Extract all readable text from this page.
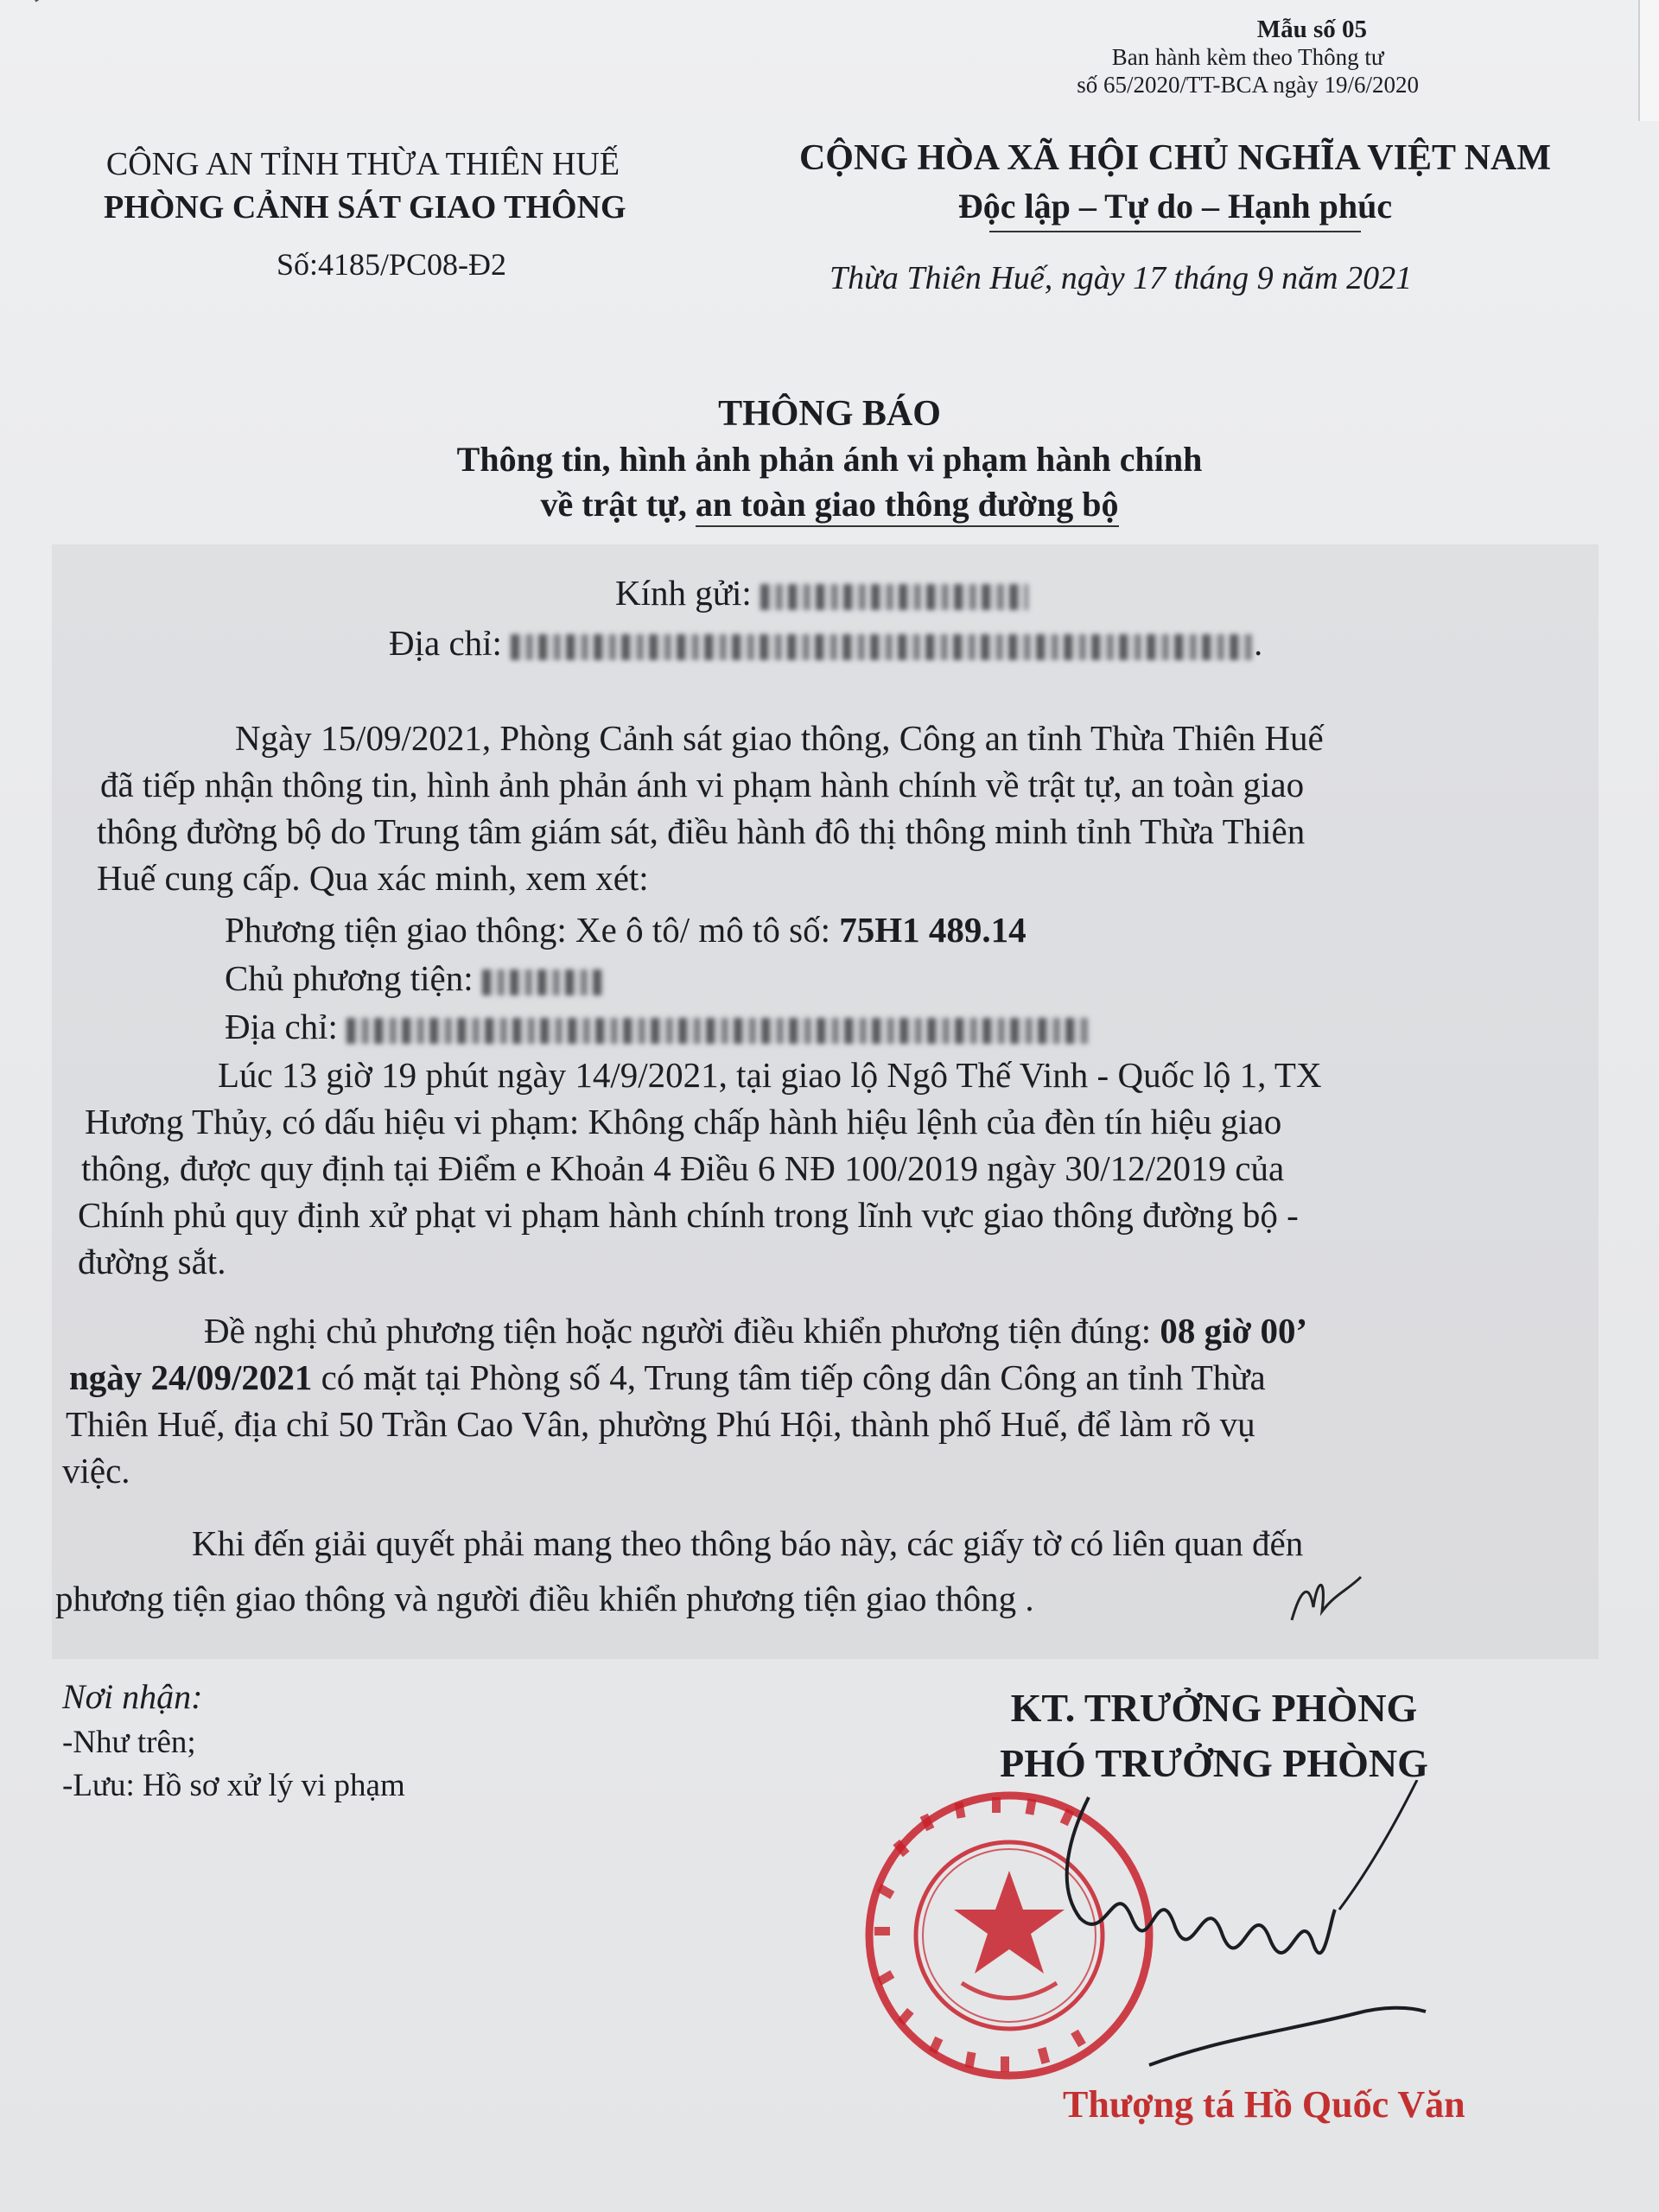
Mẫu số 05
Ban hành kèm theo Thông tư
số 65/2020/TT-BCA ngày 19/6/2020
CÔNG AN TỈNH THỪA THIÊN HUẾ
PHÒNG CẢNH SÁT GIAO THÔNG
Số:4185/PC08-Đ2
CỘNG HÒA XÃ HỘI CHỦ NGHĨA VIỆT NAM
Độc lập – Tự do – Hạnh phúc
Thừa Thiên Huế, ngày 17 tháng 9 năm 2021
THÔNG BÁO
Thông tin, hình ảnh phản ánh vi phạm hành chính
về trật tự, an toàn giao thông đường bộ
Kính gửi:
Địa chỉ:	.
Ngày 15/09/2021, Phòng Cảnh sát giao thông, Công an tỉnh Thừa Thiên Huế
đã tiếp nhận thông tin, hình ảnh phản ánh vi phạm hành chính về trật tự, an toàn giao
thông đường bộ do Trung tâm giám sát, điều hành đô thị thông minh tỉnh Thừa Thiên
Huế cung cấp. Qua xác minh, xem xét:
Phương tiện giao thông: Xe ô tô/ mô tô số: 75H1 489.14
Chủ phương tiện:
Địa chỉ:
Lúc 13 giờ 19 phút ngày 14/9/2021, tại giao lộ Ngô Thế Vinh - Quốc lộ 1, TX
Hương Thủy, có dấu hiệu vi phạm: Không chấp hành hiệu lệnh của đèn tín hiệu giao
thông, được quy định tại Điểm e Khoản 4 Điều 6 NĐ 100/2019 ngày 30/12/2019 của
Chính phủ quy định xử phạt vi phạm hành chính trong lĩnh vực giao thông đường bộ -
đường sắt.
Đề nghị chủ phương tiện hoặc người điều khiển phương tiện đúng: 08 giờ 00’
ngày 24/09/2021 có mặt tại Phòng số 4, Trung tâm tiếp công dân Công an tỉnh Thừa
Thiên Huế, địa chỉ 50 Trần Cao Vân, phường Phú Hội, thành phố Huế, để làm rõ vụ
việc.
Khi đến giải quyết phải mang theo thông báo này, các giấy tờ có liên quan đến
phương tiện giao thông và người điều khiển phương tiện giao thông .
Nơi nhận:
-Như trên;
-Lưu: Hồ sơ xử lý vi phạm
KT. TRƯỞNG PHÒNG
PHÓ TRƯỞNG PHÒNG
Thượng tá Hồ Quốc Văn
